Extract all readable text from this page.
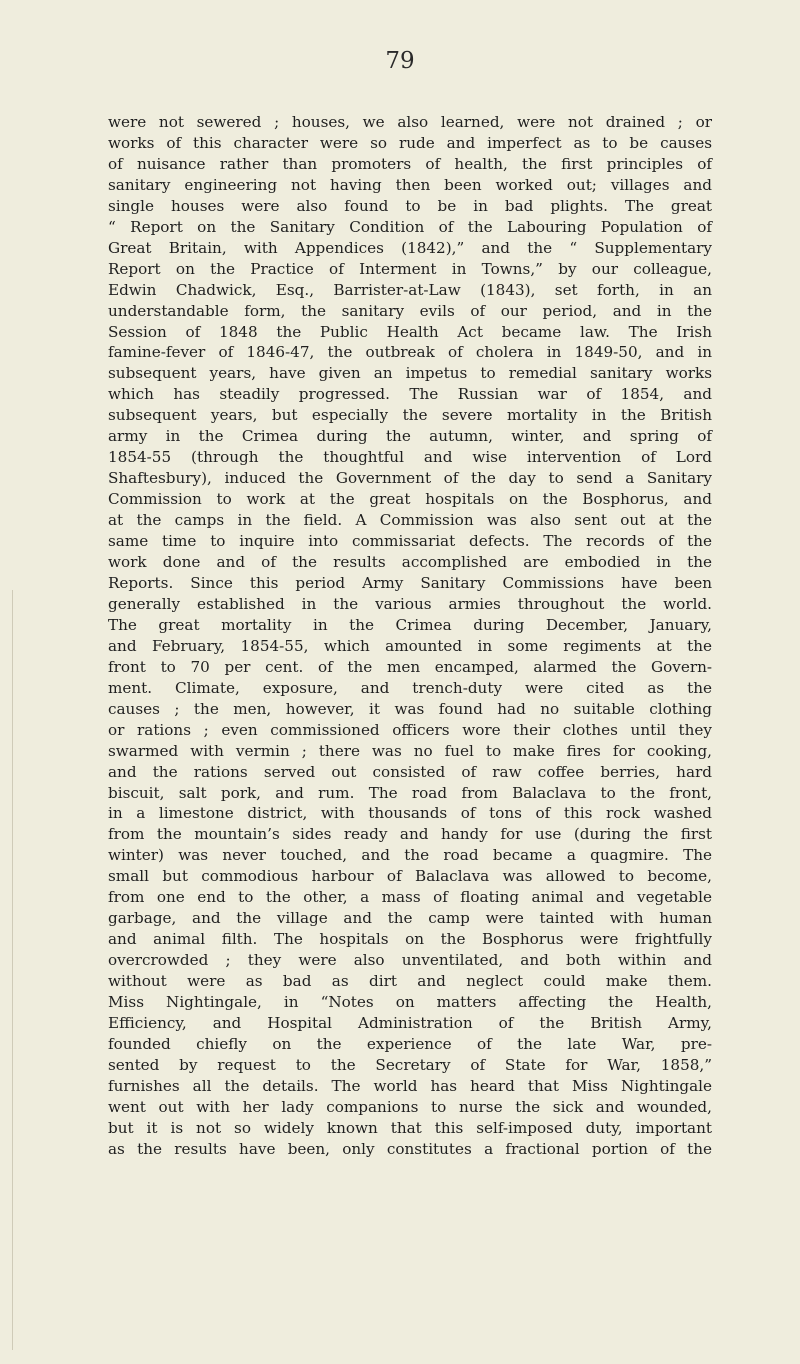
79
were not sewered ; houses, we also learned, were not drained ; or
works of this character were so rude and imperfect as to be causes
of nuisance rather than promoters of health, the first principles of
sanitary engineering not having then been worked out; villages and
single houses were also found to be in bad plights. The great
“ Report on the Sanitary Condition of the Labouring Population of
Great Britain, with Appendices (1842),” and the “ Supplementary
Report on the Practice of Interment in Towns,” by our colleague,
Edwin Chadwick, Esq., Barrister-at-Law (1843), set forth, in an
understandable form, the sanitary evils of our period, and in the
Session of 1848 the Public Health Act became law. The Irish
famine-fever of 1846-47, the outbreak of cholera in 1849-50, and in
subsequent years, have given an impetus to remedial sanitary works
which has steadily progressed. The Russian war of 1854, and
subsequent years, but especially the severe mortality in the British
army in the Crimea during the autumn, winter, and spring of
1854-55 (through the thoughtful and wise intervention of Lord
Shaftesbury), induced the Government of the day to send a Sanitary
Commission to work at the great hospitals on the Bosphorus, and
at the camps in the field. A Commission was also sent out at the
same time to inquire into commissariat defects. The records of the
work done and of the results accomplished are embodied in the
Reports. Since this period Army Sanitary Commissions have been
generally established in the various armies throughout the world.
The great mortality in the Crimea during December, January,
and February, 1854-55, which amounted in some regiments at the
front to 70 per cent. of the men encamped, alarmed the Govern-
ment. Climate, exposure, and trench-duty were cited as the
causes ; the men, however, it was found had no suitable clothing
or rations ; even commissioned officers wore their clothes until they
swarmed with vermin ; there was no fuel to make fires for cooking,
and the rations served out consisted of raw coffee berries, hard
biscuit, salt pork, and rum. The road from Balaclava to the front,
in a limestone district, with thousands of tons of this rock washed
from the mountain’s sides ready and handy for use (during the first
winter) was never touched, and the road became a quagmire. The
small but commodious harbour of Balaclava was allowed to become,
from one end to the other, a mass of floating animal and vegetable
garbage, and the village and the camp were tainted with human
and animal filth. The hospitals on the Bosphorus were frightfully
overcrowded ; they were also unventilated, and both within and
without were as bad as dirt and neglect could make them.
Miss Nightingale, in “Notes on matters affecting the Health,
Efficiency, and Hospital Administration of the British Army,
founded chiefly on the experience of the late War, pre-
sented by request to the Secretary of State for War, 1858,”
furnishes all the details. The world has heard that Miss Nightingale
went out with her lady companions to nurse the sick and wounded,
but it is not so widely known that this self-imposed duty, important
as the results have been, only constitutes a fractional portion of the
